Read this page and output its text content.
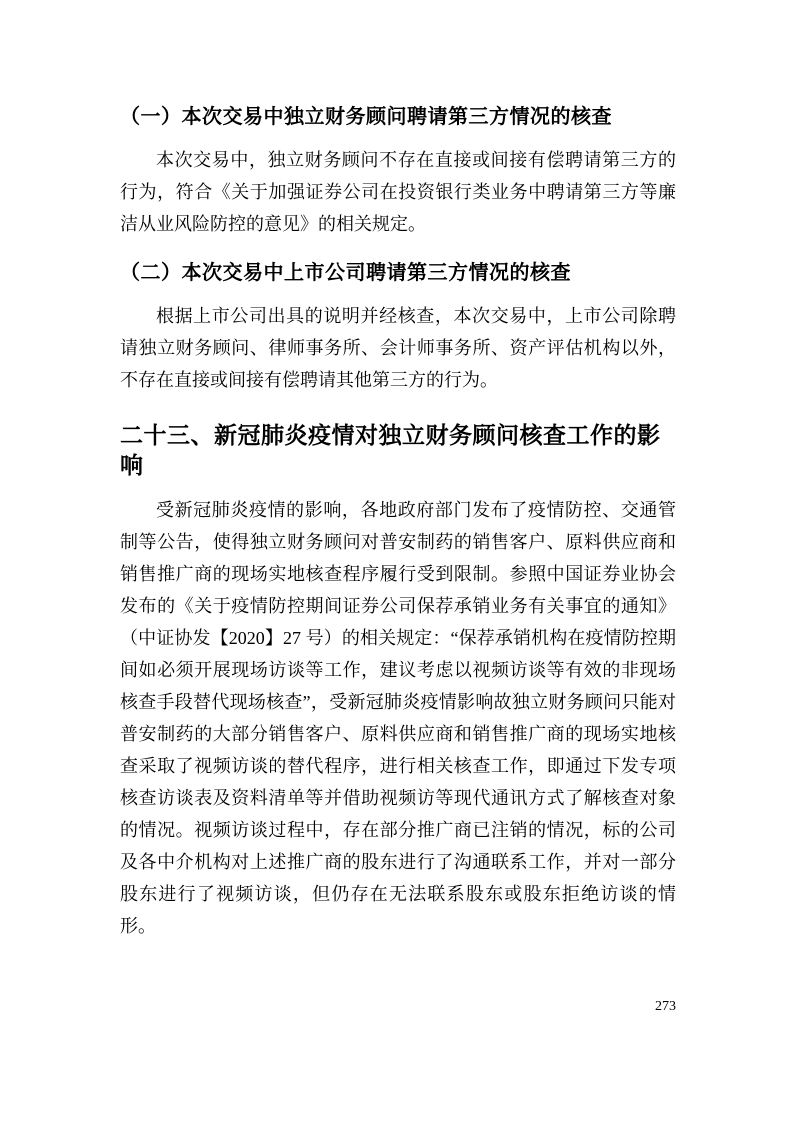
（一）本次交易中独立财务顾问聘请第三方情况的核查

本次交易中，独立财务顾问不存在直接或间接有偿聘请第三方的行为，符合《关于加强证券公司在投资银行类业务中聘请第三方等廉洁从业风险防控的意见》的相关规定。

（二）本次交易中上市公司聘请第三方情况的核查

根据上市公司出具的说明并经核查，本次交易中，上市公司除聘请独立财务顾问、律师事务所、会计师事务所、资产评估机构以外，不存在直接或间接有偿聘请其他第三方的行为。

二十三、新冠肺炎疫情对独立财务顾问核查工作的影响

受新冠肺炎疫情的影响，各地政府部门发布了疫情防控、交通管制等公告，使得独立财务顾问对普安制药的销售客户、原料供应商和销售推广商的现场实地核查程序履行受到限制。参照中国证券业协会发布的《关于疫情防控期间证券公司保荐承销业务有关事宜的通知》（中证协发【2020】27 号）的相关规定：“保荐承销机构在疫情防控期间如必须开展现场访谈等工作，建议考虑以视频访谈等有效的非现场核查手段替代现场核查”，受新冠肺炎疫情影响故独立财务顾问只能对普安制药的大部分销售客户、原料供应商和销售推广商的现场实地核查采取了视频访谈的替代程序，进行相关核查工作，即通过下发专项核查访谈表及资料清单等并借助视频访等现代通讯方式了解核查对象的情况。视频访谈过程中，存在部分推广商已注销的情况，标的公司及各中介机构对上述推广商的股东进行了沟通联系工作，并对一部分股东进行了视频访谈，但仍存在无法联系股东或股东拒绝访谈的情形。

273
